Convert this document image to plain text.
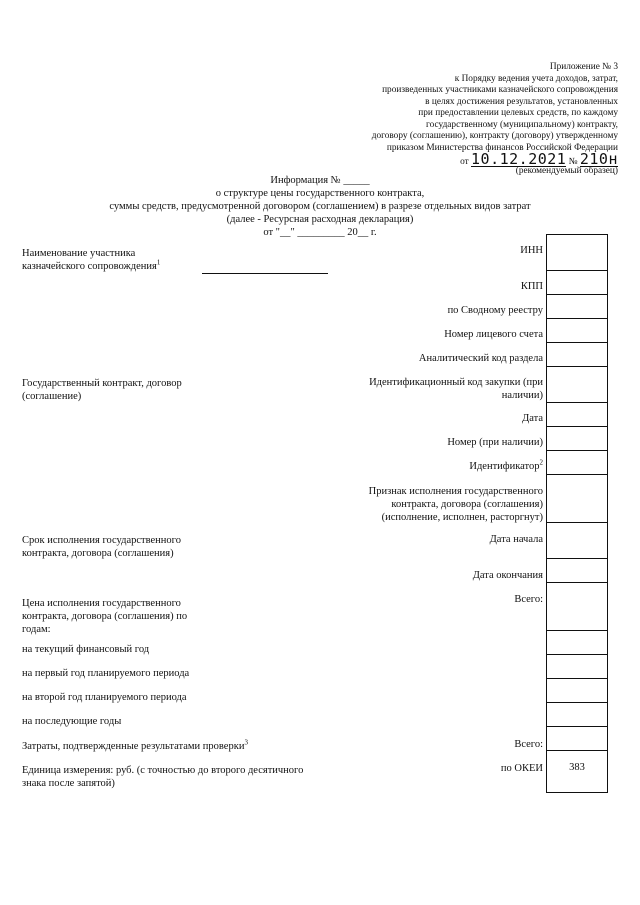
Приложение № 3
к Порядку ведения учета доходов, затрат,
произведенных участниками казначейского сопровождения
в целях достижения результатов, установленных
при предоставлении целевых средств, по каждому
государственному (муниципальному) контракту,
договору (соглашению), контракту (договору) утвержденному
приказом Министерства финансов Российской Федерации
от 10.12.2021 № 210н
(рекомендуемый образец)
Информация № _____
о структуре цены государственного контракта,
суммы средств, предусмотренной договором (соглашением) в разрезе отдельных видов затрат
(далее - Ресурсная расходная декларация)
от "__" _________ 20__ г.
Наименование участника
казначейского сопровождения$^1$
Государственный контракт, договор
(соглашение)
Срок исполнения государственного
контракта, договора (соглашения)
Цена исполнения государственного
контракта, договора (соглашения) по
годам:
на текущий финансовый год
на первый год планируемого периода
на второй год планируемого периода
на последующие годы
Затраты, подтвержденные результатами проверки$^3$
Единица измерения: руб. (с точностью до второго десятичного
знака после запятой)
ИНН
КПП
по Сводному реестру
Номер лицевого счета
Аналитический код раздела
Идентификационный код закупки (при
наличии)
Дата
Номер (при наличии)
Идентификатор$^2$
Признак исполнения государственного
контракта, договора (соглашения)
(исполнение, исполнен, расторгнут)
Дата начала
Дата окончания
Всего:
Всего:
по ОКЕИ	383
